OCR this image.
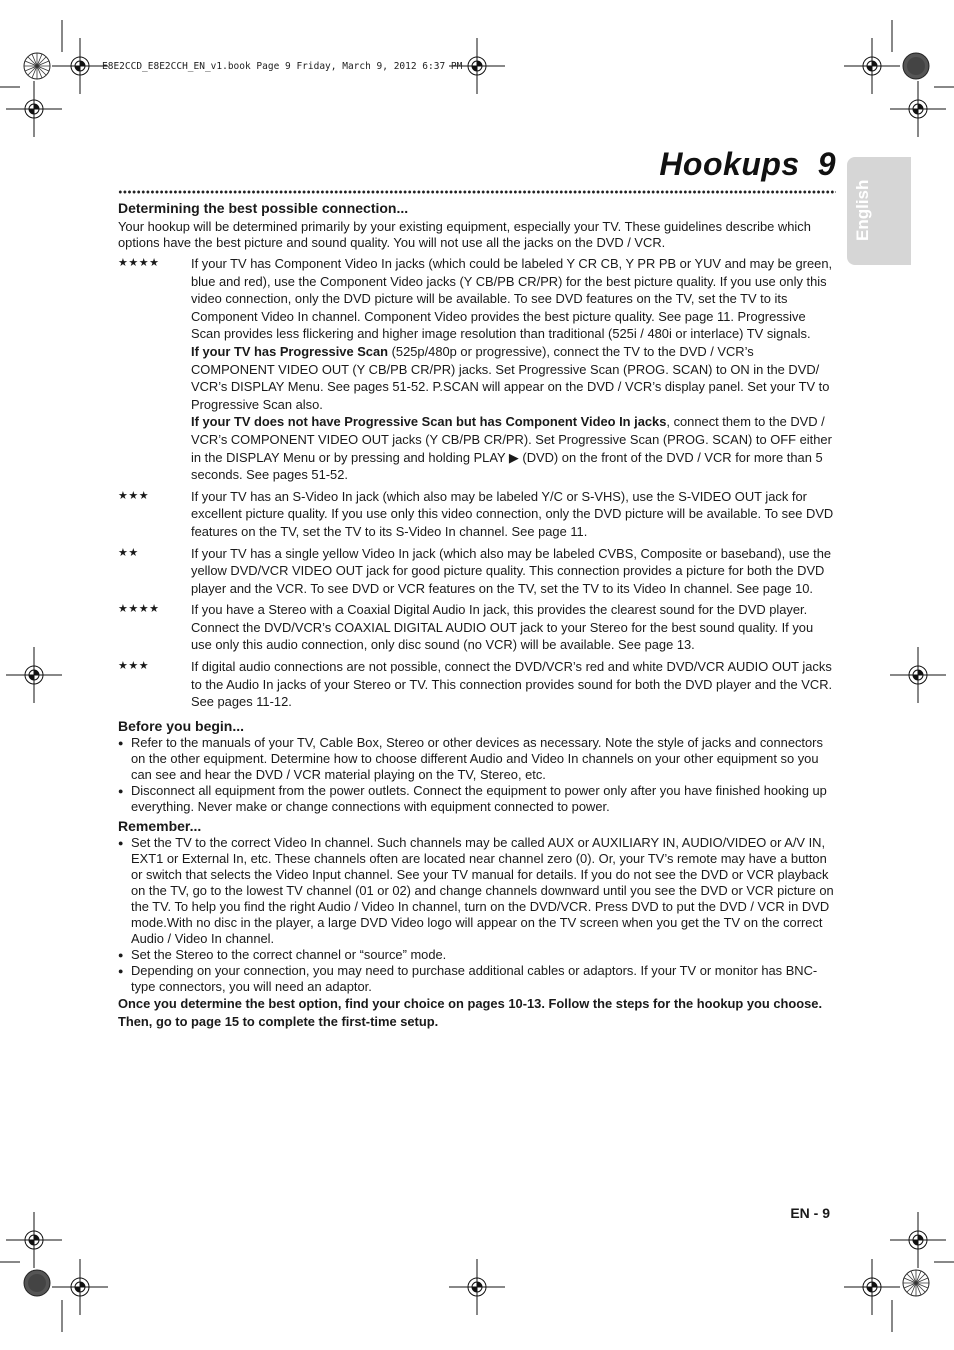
E8E2CCD_E8E2CCH_EN_v1.book Page 9 Friday, March 9, 2012 6:37 PM
Hookups 9
English

Determining the best possible connection...

Your hookup will be determined primarily by your existing equipment, especially your TV. These guidelines describe which options have the best picture and sound quality. You will not use all the jacks on the DVD / VCR.

★★★★	If your TV has Component Video In jacks (which could be labeled Y CR CB, Y PR PB or YUV and may be green, blue and red), use the Component Video jacks (Y CB/PB CR/PR) for the best picture quality. If you use only this video connection, only the DVD picture will be available. To see DVD features on the TV, set the TV to its Component Video In channel. Component Video provides the best picture quality. See page 11. Progressive Scan provides less flickering and higher image resolution than traditional (525i / 480i or interlace) TV signals.

If your TV has Progressive Scan (525p/480p or progressive), connect the TV to the DVD / VCR’s COMPONENT VIDEO OUT (Y CB/PB CR/PR) jacks. Set Progressive Scan (PROG. SCAN) to ON in the DVD/ VCR’s DISPLAY Menu. See pages 51-52. P.SCAN will appear on the DVD / VCR’s display panel. Set your TV to Progressive Scan also.

If your TV does not have Progressive Scan but has Component Video In jacks, connect them to the DVD / VCR’s COMPONENT VIDEO OUT jacks (Y CB/PB CR/PR). Set Progressive Scan (PROG. SCAN) to OFF either in the DISPLAY Menu or by pressing and holding PLAY ▶ (DVD) on the front of the DVD / VCR for more than 5 seconds. See pages 51-52.

★★★	If your TV has an S-Video In jack (which also may be labeled Y/C or S-VHS), use the S-VIDEO OUT jack for excellent picture quality. If you use only this video connection, only the DVD picture will be available. To see DVD features on the TV, set the TV to its S-Video In channel. See page 11.

★★	If your TV has a single yellow Video In jack (which also may be labeled CVBS, Composite or baseband), use the yellow DVD/VCR VIDEO OUT jack for good picture quality. This connection provides a picture for both the DVD player and the VCR. To see DVD or VCR features on the TV, set the TV to its Video In channel. See page 10.

★★★★	If you have a Stereo with a Coaxial Digital Audio In jack, this provides the clearest sound for the DVD player. Connect the DVD/VCR’s COAXIAL DIGITAL AUDIO OUT jack to your Stereo for the best sound quality. If you use only this audio connection, only disc sound (no VCR) will be available. See page 13.

★★★	If digital audio connections are not possible, connect the DVD/VCR’s red and white DVD/VCR AUDIO OUT jacks to the Audio In jacks of your Stereo or TV. This connection provides sound for both the DVD player and the VCR. See pages 11-12.

Before you begin...

● Refer to the manuals of your TV, Cable Box, Stereo or other devices as necessary. Note the style of jacks and connectors on the other equipment. Determine how to choose different Audio and Video In channels on your other equipment so you can see and hear the DVD / VCR material playing on the TV, Stereo, etc.
● Disconnect all equipment from the power outlets. Connect the equipment to power only after you have finished hooking up everything. Never make or change connections with equipment connected to power.

Remember...

● Set the TV to the correct Video In channel. Such channels may be called AUX or AUXILIARY IN, AUDIO/VIDEO or A/V IN, EXT1 or External In, etc. These channels often are located near channel zero (0). Or, your TV’s remote may have a button or switch that selects the Video Input channel. See your TV manual for details. If you do not see the DVD or VCR playback on the TV, go to the lowest TV channel (01 or 02) and change channels downward until you see the DVD or VCR picture on the TV. To help you find the right Audio / Video In channel, turn on the DVD/VCR. Press DVD to put the DVD / VCR in DVD mode.With no disc in the player, a large DVD Video logo will appear on the TV screen when you get the TV on the correct Audio / Video In channel.
● Set the Stereo to the correct channel or “source” mode.
● Depending on your connection, you may need to purchase additional cables or adaptors. If your TV or monitor has BNC-type connectors, you will need an adaptor.

Once you determine the best option, find your choice on pages 10-13. Follow the steps for the hookup you choose. Then, go to page 15 to complete the first-time setup.

EN - 9
